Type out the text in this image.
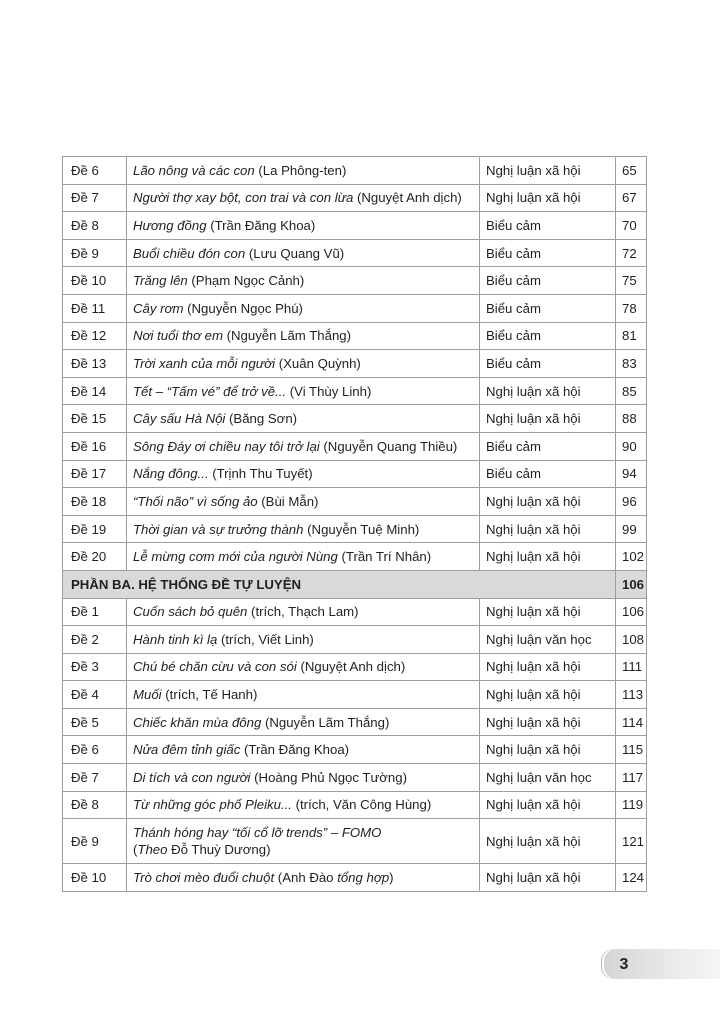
Đề 6	Lão nông và các con (La Phông-ten)	Nghị luận xã hội	65
Đề 7	Người thợ xay bột, con trai và con lừa (Nguyệt Anh dịch)	Nghị luận xã hội	67
Đề 8	Hương đồng (Trần Đăng Khoa)	Biểu cảm	70
Đề 9	Buổi chiều đón con (Lưu Quang Vũ)	Biểu cảm	72
Đề 10	Trăng lên (Phạm Ngọc Cảnh)	Biểu cảm	75
Đề 11	Cây rơm (Nguyễn Ngọc Phú)	Biểu cảm	78
Đề 12	Nơi tuổi thơ em (Nguyễn Lãm Thắng)	Biểu cảm	81
Đề 13	Trời xanh của mỗi người (Xuân Quỳnh)	Biểu cảm	83
Đề 14	Tết – “Tấm vé” để trở về... (Vi Thùy Linh)	Nghị luận xã hội	85
Đề 15	Cây sấu Hà Nội (Băng Sơn)	Nghị luận xã hội	88
Đề 16	Sông Đáy ơi chiều nay tôi trở lại (Nguyễn Quang Thiều)	Biểu cảm	90
Đề 17	Nắng đông... (Trịnh Thu Tuyết)	Biểu cảm	94
Đề 18	“Thối não” vì sống ảo (Bùi Mẫn)	Nghị luận xã hội	96
Đề 19	Thời gian và sự trưởng thành (Nguyễn Tuệ Minh)	Nghị luận xã hội	99
Đề 20	Lễ mừng cơm mới của người Nùng (Trần Trí Nhân)	Nghị luận xã hội	102
PHẦN BA. HỆ THỐNG ĐỀ TỰ LUYỆN			106
Đề 1	Cuốn sách bỏ quên (trích, Thạch Lam)	Nghị luận xã hội	106
Đề 2	Hành tinh kì lạ (trích, Viết Linh)	Nghị luận văn học	108
Đề 3	Chú bé chăn cừu và con sói (Nguyệt Anh dịch)	Nghị luận xã hội	111
Đề 4	Muối (trích, Tế Hanh)	Nghị luận xã hội	113
Đề 5	Chiếc khăn mùa đông (Nguyễn Lãm Thắng)	Nghị luận xã hội	114
Đề 6	Nửa đêm tỉnh giấc (Trần Đăng Khoa)	Nghị luận xã hội	115
Đề 7	Di tích và con người (Hoàng Phủ Ngọc Tường)	Nghị luận văn học	117
Đề 8	Từ những góc phố Pleiku... (trích, Văn Công Hùng)	Nghị luận xã hội	119
Đề 9	Thánh hóng hay “tối cổ lỡ trends” – FOMO
(Theo Đỗ Thuỳ Dương)	Nghị luận xã hội	121
Đề 10	Trò chơi mèo đuổi chuột (Anh Đào tổng hợp)	Nghị luận xã hội	124
3
